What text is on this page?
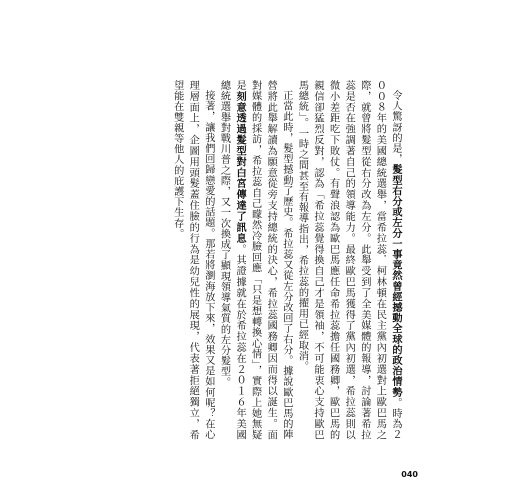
令人驚訝的是，髮型右分或左分一事竟然曾經撼動全球的政治情勢。時為２００８年的美國總統選舉，當希拉蕊．柯林頓在民主黨內初選對上歐巴馬之際，就曾將髮型從右分改為左分。此舉受到了全美媒體的報導，討論著希拉蕊是否在強調著自己的領導能力。最終歐巴馬獲得了黨內初選，希拉蕊則以微小差距吃下敗仗。有聲浪認為歐巴馬應任命希拉蕊擔任國務卿，歐巴馬的親信卻猛烈反對，認為「希拉蕊覺得換自己才是領袖，不可能衷心支持歐巴馬總統」。一時之間甚至有報導指出，希拉蕊的擢用已經取消。

正當此時，髮型撼動了歷史。希拉蕊又從左分改回了右分。據說歐巴馬的陣營將此舉解讀為願意從旁支持總統的決心，希拉蕊國務卿因而得以誕生。面對媒體的採訪，希拉蕊自己矇然冷臉回應「只是想轉換心情」，實際上她無疑是刻意透過髮型對白宮傳達了訊息。其證據就在於希拉蕊在２０１６年美國總統選舉對戰川普之際，又一次換成了顯現領導氣質的左分髮型。

接著，讓我們回歸戀愛的話題。那若將瀏海放下來，效果又是如何呢？在心理層面上，企圖用頭髮蓋住臉的行為是幼兒性的展現，代表著拒絕獨立，希望能在雙親等他人的庇護下生存。

040
